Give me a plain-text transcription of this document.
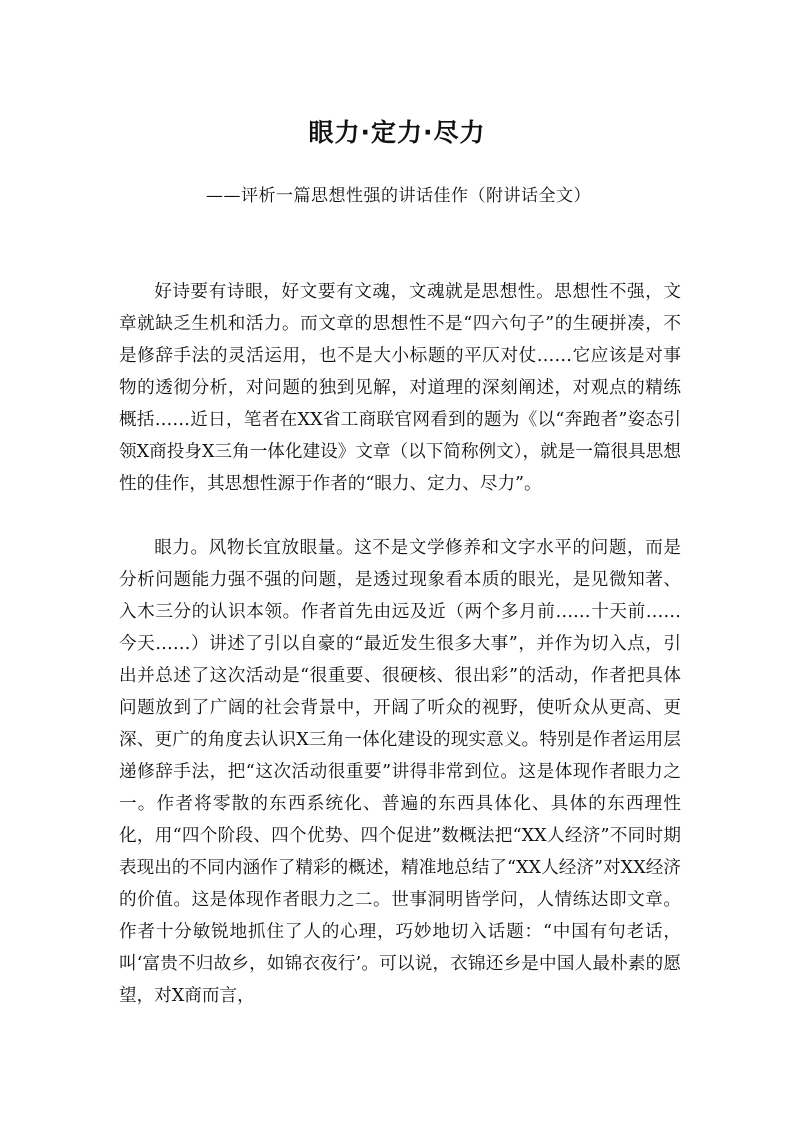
眼力·定力·尽力
——评析一篇思想性强的讲话佳作（附讲话全文）

好诗要有诗眼，好文要有文魂，文魂就是思想性。思想性不强，文章就缺乏生机和活力。而文章的思想性不是“四六句子”的生硬拼凑，不是修辞手法的灵活运用，也不是大小标题的平仄对仗……它应该是对事物的透彻分析，对问题的独到见解，对道理的深刻阐述，对观点的精练概括……近日，笔者在XX省工商联官网看到的题为《以“奔跑者”姿态引领X商投身X三角一体化建设》文章（以下简称例文），就是一篇很具思想性的佳作，其思想性源于作者的“眼力、定力、尽力”。

眼力。风物长宜放眼量。这不是文学修养和文字水平的问题，而是分析问题能力强不强的问题，是透过现象看本质的眼光，是见微知著、入木三分的认识本领。作者首先由远及近（两个多月前……十天前……今天……）讲述了引以自豪的“最近发生很多大事”，并作为切入点，引出并总述了这次活动是“很重要、很硬核、很出彩”的活动，作者把具体问题放到了广阔的社会背景中，开阔了听众的视野，使听众从更高、更深、更广的角度去认识X三角一体化建设的现实意义。特别是作者运用层递修辞手法，把“这次活动很重要”讲得非常到位。这是体现作者眼力之一。作者将零散的东西系统化、普遍的东西具体化、具体的东西理性化，用“四个阶段、四个优势、四个促进”数概法把“XX人经济”不同时期表现出的不同内涵作了精彩的概述，精准地总结了“XX人经济”对XX经济的价值。这是体现作者眼力之二。世事洞明皆学问，人情练达即文章。作者十分敏锐地抓住了人的心理，巧妙地切入话题：“中国有句老话，叫‘富贵不归故乡，如锦衣夜行’。可以说，衣锦还乡是中国人最朴素的愿望，对X商而言，
